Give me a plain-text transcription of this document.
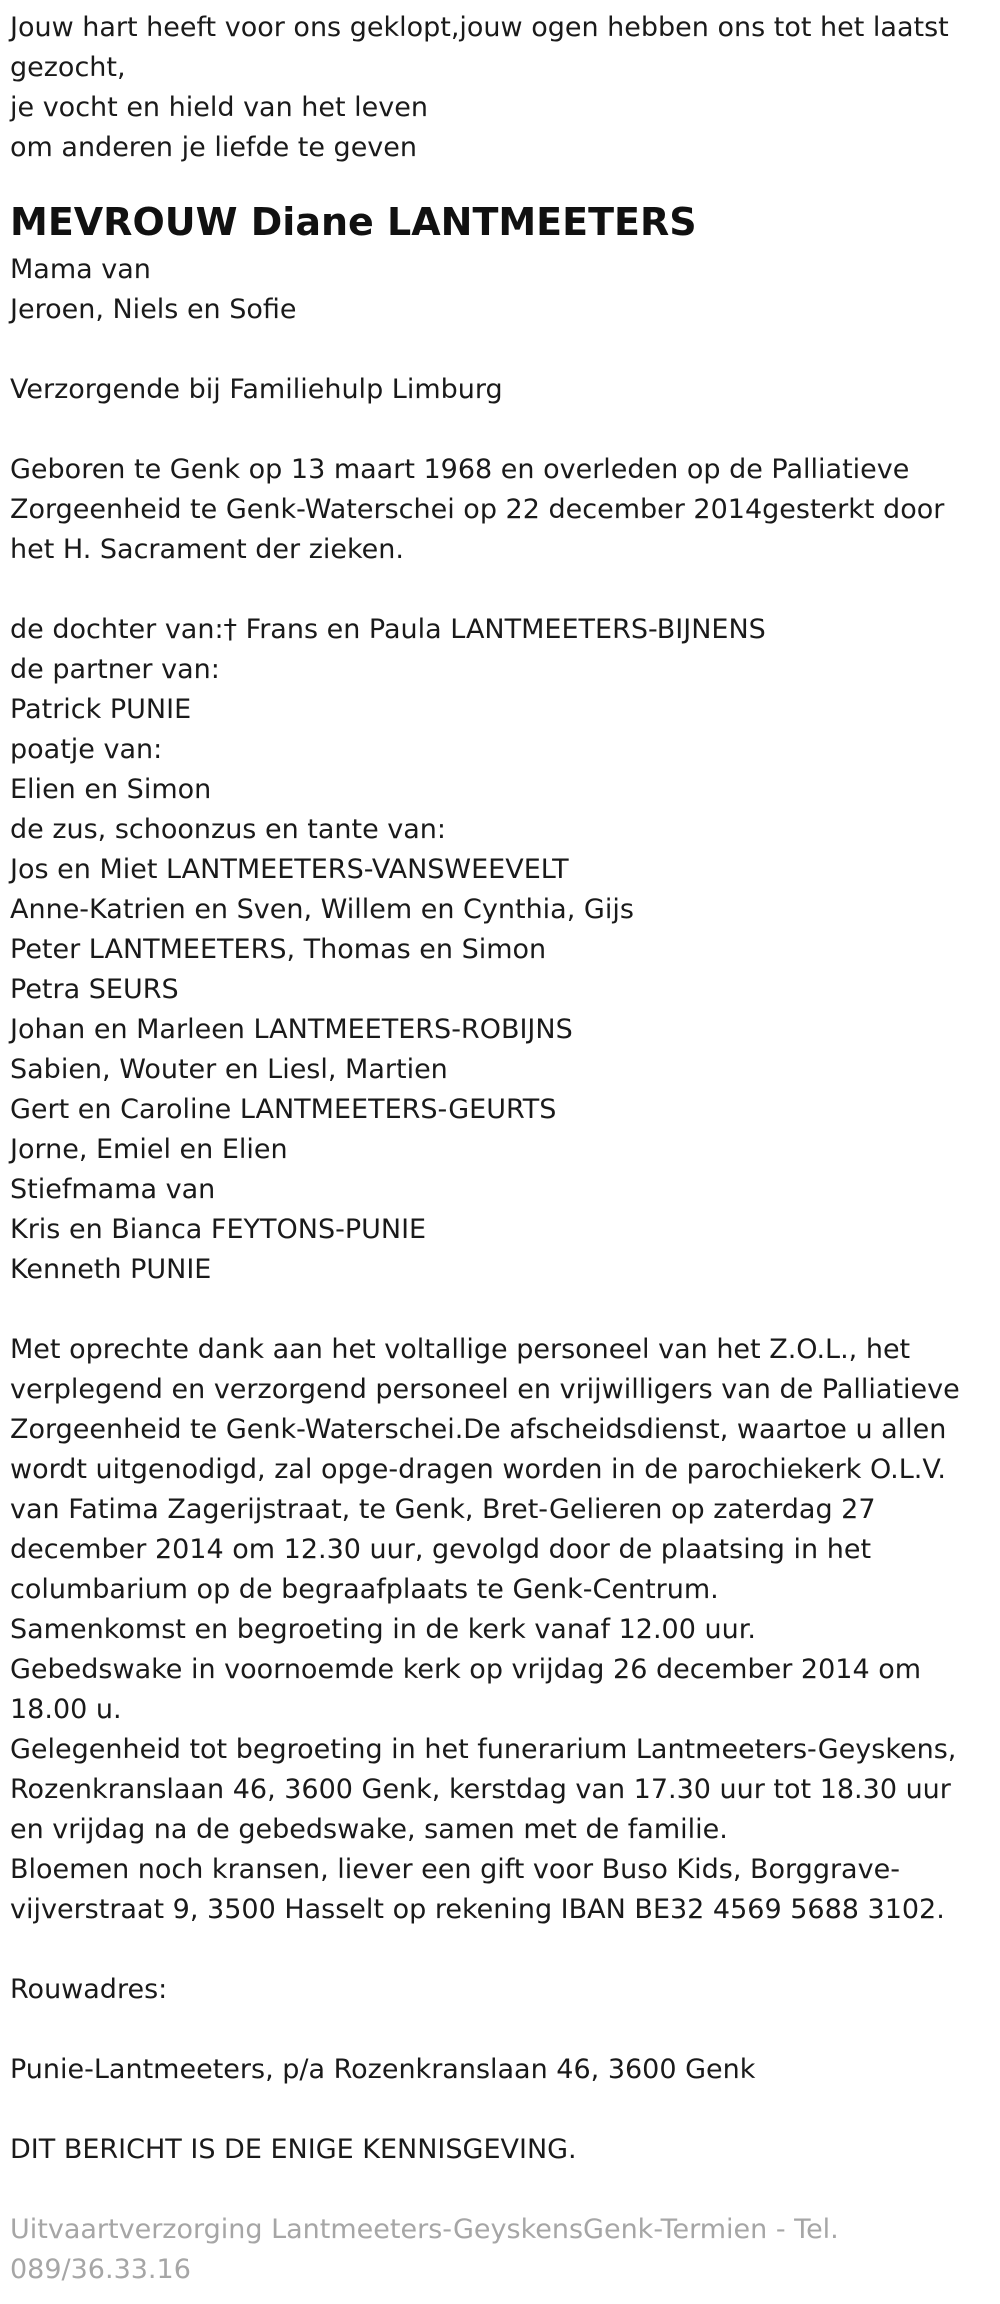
Jouw hart heeft voor ons geklopt,jouw ogen hebben ons tot het laatst gezocht,
je vocht en hield van het leven
om anderen je liefde te geven
MEVROUW Diane LANTMEETERS
Mama van
Jeroen, Niels en Sofie
Verzorgende bij Familiehulp Limburg
Geboren te Genk op 13 maart 1968 en overleden op de Palliatieve Zorgeenheid te Genk-Waterschei op 22 december 2014gesterkt door het H. Sacrament der zieken.
de dochter van:† Frans en Paula LANTMEETERS-BIJNENS
de partner van:
Patrick PUNIE
poatje van:
Elien en Simon
de zus, schoonzus en tante van:
Jos en Miet LANTMEETERS-VANSWEEVELT
Anne-Katrien en Sven, Willem en Cynthia, Gijs
Peter LANTMEETERS, Thomas en Simon
Petra SEURS
Johan en Marleen LANTMEETERS-ROBIJNS
Sabien, Wouter en Liesl, Martien
Gert en Caroline LANTMEETERS-GEURTS
Jorne, Emiel en Elien
Stiefmama van
Kris en Bianca FEYTONS-PUNIE
Kenneth PUNIE
Met oprechte dank aan het voltallige personeel van het Z.O.L., het verplegend en verzorgend personeel en vrijwilligers van de Palliatieve Zorgeenheid te Genk-Waterschei.De afscheidsdienst, waartoe u allen wordt uitgenodigd, zal opge-dragen worden in de parochiekerk O.L.V. van Fatima Zagerijstraat, te Genk, Bret-Gelieren op zaterdag 27 december 2014 om 12.30 uur, gevolgd door de plaatsing in het columbarium op de begraafplaats te Genk-Centrum.
Samenkomst en begroeting in de kerk vanaf 12.00 uur.
Gebedswake in voornoemde kerk op vrijdag 26 december 2014 om 18.00 u.
Gelegenheid tot begroeting in het funerarium Lantmeeters-Geyskens, Rozenkranslaan 46, 3600 Genk, kerstdag van 17.30 uur tot 18.30 uur en vrijdag na de gebedswake, samen met de familie.
Bloemen noch kransen, liever een gift voor Buso Kids, Borggrave-vijverstraat 9, 3500 Hasselt op rekening IBAN BE32 4569 5688 3102.
Rouwadres:
Punie-Lantmeeters, p/a Rozenkranslaan 46, 3600 Genk
DIT BERICHT IS DE ENIGE KENNISGEVING.
Uitvaartverzorging Lantmeeters-GeyskensGenk-Termien - Tel. 089/36.33.16
